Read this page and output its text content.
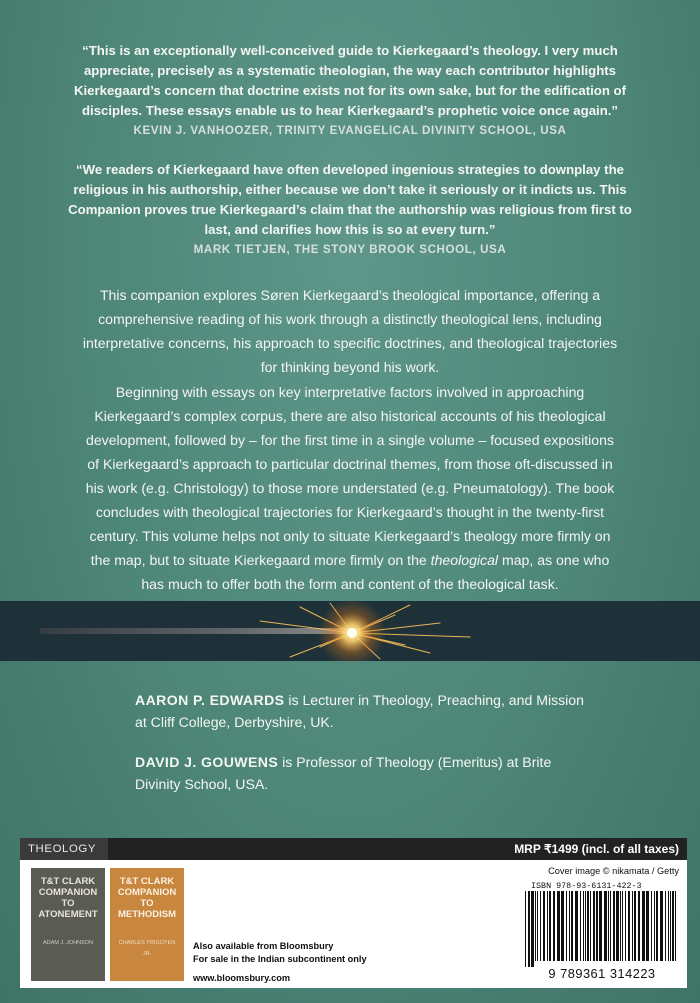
“This is an exceptionally well-conceived guide to Kierkegaard’s theology. I very much appreciate, precisely as a systematic theologian, the way each contributor highlights Kierkegaard’s concern that doctrine exists not for its own sake, but for the edification of disciples. These essays enable us to hear Kierkegaard’s prophetic voice once again.”
KEVIN J. VANHOOZER, TRINITY EVANGELICAL DIVINITY SCHOOL, USA
“We readers of Kierkegaard have often developed ingenious strategies to downplay the religious in his authorship, either because we don’t take it seriously or it indicts us. This Companion proves true Kierkegaard’s claim that the authorship was religious from first to last, and clarifies how this is so at every turn.”
MARK TIETJEN, THE STONY BROOK SCHOOL, USA
This companion explores Søren Kierkegaard’s theological importance, offering a comprehensive reading of his work through a distinctly theological lens, including interpretative concerns, his approach to specific doctrines, and theological trajectories for thinking beyond his work.
Beginning with essays on key interpretative factors involved in approaching Kierkegaard’s complex corpus, there are also historical accounts of his theological development, followed by – for the first time in a single volume – focused expositions of Kierkegaard’s approach to particular doctrinal themes, from those oft-discussed in his work (e.g. Christology) to those more understated (e.g. Pneumatology). The book concludes with theological trajectories for Kierkegaard’s thought in the twenty-first century. This volume helps not only to situate Kierkegaard’s theology more firmly on the map, but to situate Kierkegaard more firmly on the theological map, as one who has much to offer both the form and content of the theological task.
AARON P. EDWARDS is Lecturer in Theology, Preaching, and Mission at Cliff College, Derbyshire, UK.
DAVID J. GOUWENS is Professor of Theology (Emeritus) at Brite Divinity School, USA.
THEOLOGY	MRP ₹1499 (incl. of all taxes)
T&T CLARK
COMPANION TO
ATONEMENT
ADAM J. JOHNSON
T&T CLARK
COMPANION TO
METHODISM
CHARLES YRIGOYEN JR.
Also available from Bloomsbury
For sale in the Indian subcontinent only
www.bloomsbury.com
Cover image © nikamata / Getty
ISBN 978-93-6131-422-3
9 789361 314223
